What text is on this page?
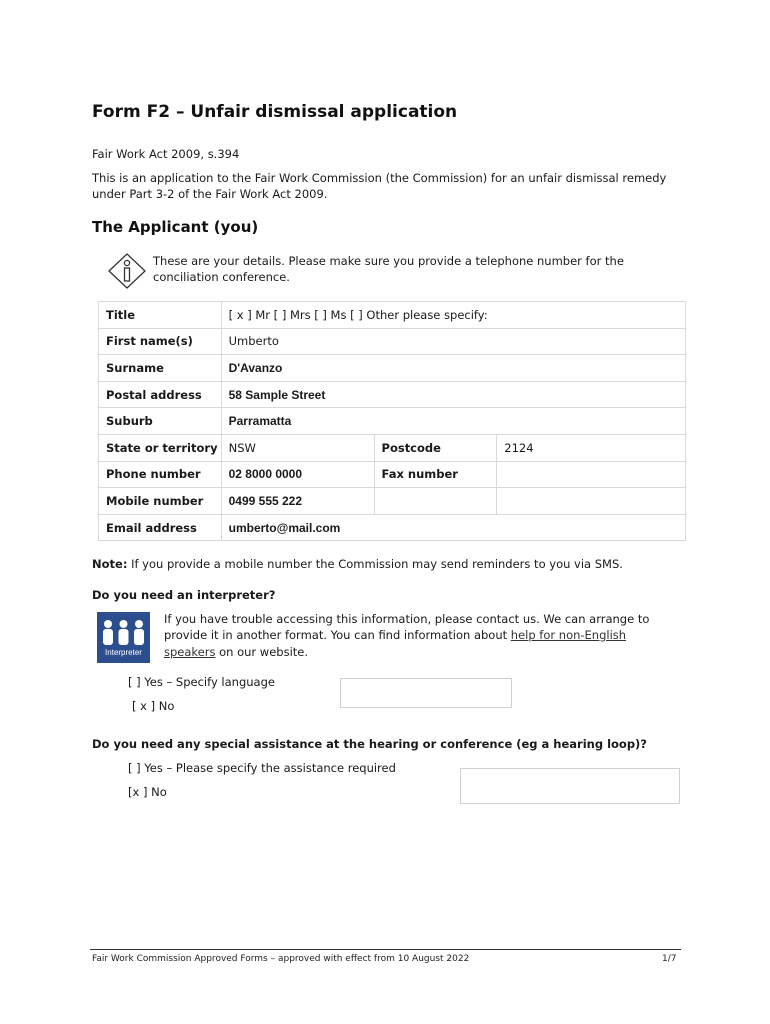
Form F2 – Unfair dismissal application
Fair Work Act 2009, s.394
This is an application to the Fair Work Commission (the Commission) for an unfair dismissal remedy
under Part 3-2 of the Fair Work Act 2009.
The Applicant (you)
These are your details. Please make sure you provide a telephone number for the
conciliation conference.
Title	[ x ] Mr [ ] Mrs [ ] Ms [ ] Other please specify:		
First name(s)	Umberto		
Surname	D'Avanzo		
Postal address	58 Sample Street		
Suburb	Parramatta		
State or territory	NSW	Postcode	2124
Phone number	02 8000 0000	Fax number	
Mobile number	0499 555 222		
Email address	umberto@mail.com		
Note: If you provide a mobile number the Commission may send reminders to you via SMS.
Do you need an interpreter?
Interpreter
If you have trouble accessing this information, please contact us. We can arrange to
provide it in another format. You can find information about help for non-English
speakers on our website.
[ ] Yes – Specify language
[ x ] No
Do you need any special assistance at the hearing or conference (eg a hearing loop)?
[ ] Yes – Please specify the assistance required
[x ] No
Fair Work Commission Approved Forms – approved with effect from 10 August 2022	1/7
